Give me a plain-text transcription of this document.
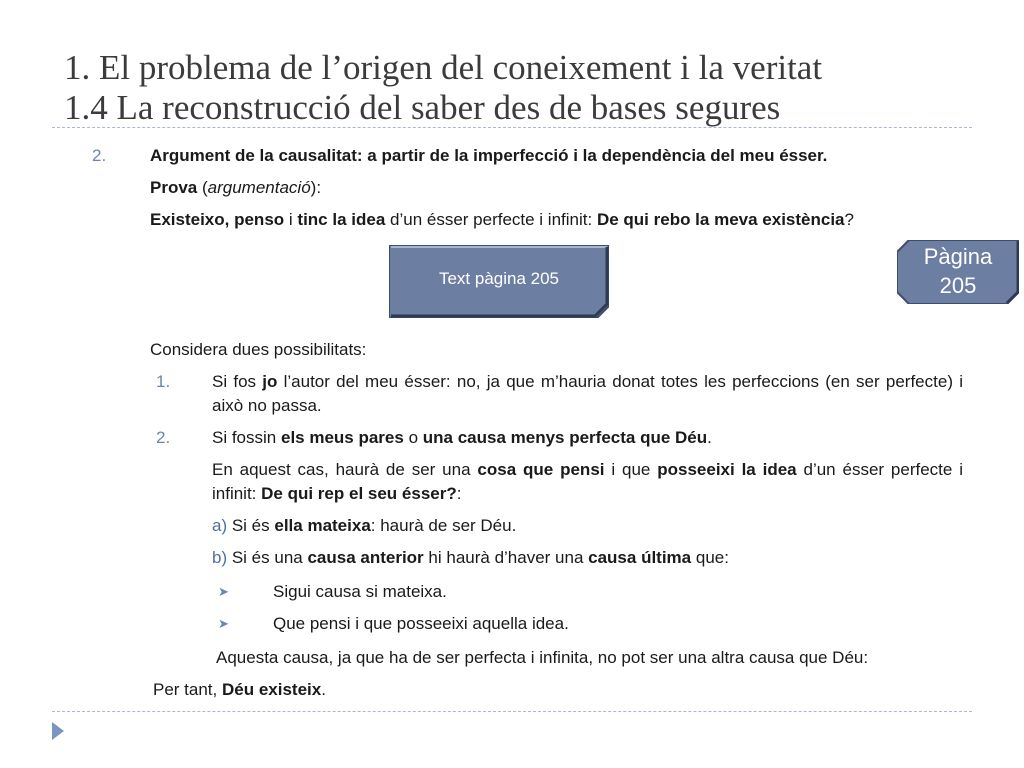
1. El problema de l’origen del coneixement i la veritat
1.4 La reconstrucció del saber des de bases segures
2.	Argument de la causalitat: a partir de la imperfecció i la dependència del meu ésser.
Prova (argumentació):
Existeixo, penso i tinc la idea d’un ésser perfecte i infinit: De qui rebo la meva existència?
Text pàgina 205
Pàgina
205
Considera dues possibilitats:
1. Si fos jo l’autor del meu ésser: no, ja que m’hauria donat totes les perfeccions (en ser perfecte) i això no passa.
2. Si fossin els meus pares o una causa menys perfecta que Déu.
En aquest cas, haurà de ser una cosa que pensi i que posseeixi la idea d’un ésser perfecte i infinit: De qui rep el seu ésser?:
a) Si és ella mateixa: haurà de ser Déu.
b) Si és una causa anterior hi haurà d’haver una causa última que:
➤	Sigui causa si mateixa.
➤	Que pensi i que posseeixi aquella idea.
Aquesta causa, ja que ha de ser perfecta i infinita, no pot ser una altra causa que Déu:
Per tant, Déu existeix.
